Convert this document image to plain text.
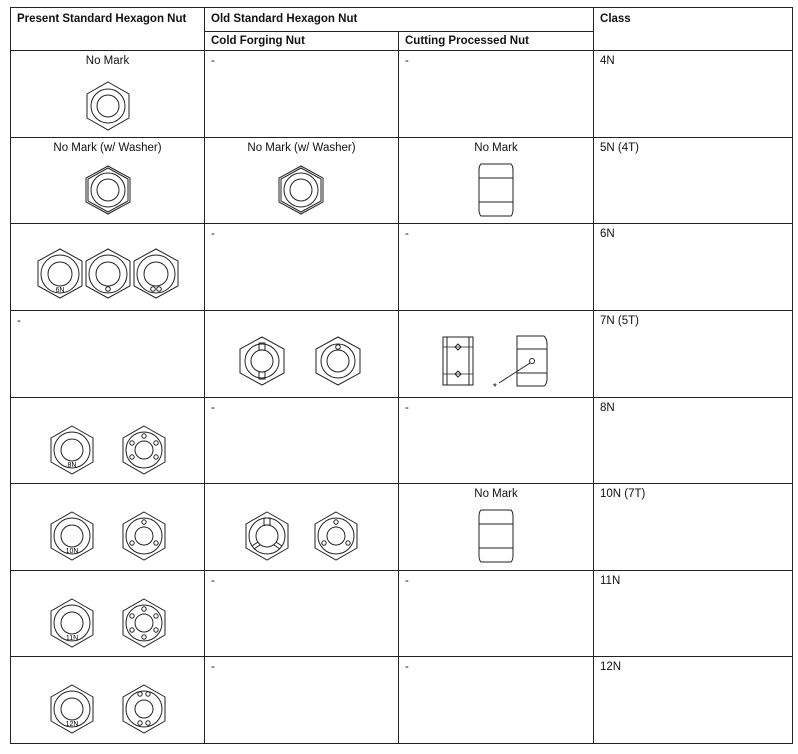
Present Standard Hexagon Nut	Old Standard Hexagon Nut		Class

	Cold Forging Nut	Cutting Processed Nut	

No Mark	-	-	4N

No Mark (w/ Washer)	No Mark (w/ Washer)	No Mark	5N (4T)

6N	-	-	6N

-		*	7N (5T)

8N	-	-	8N

10N		No Mark	10N (7T)

11N	-	-	11N

12N	-	-	12N
